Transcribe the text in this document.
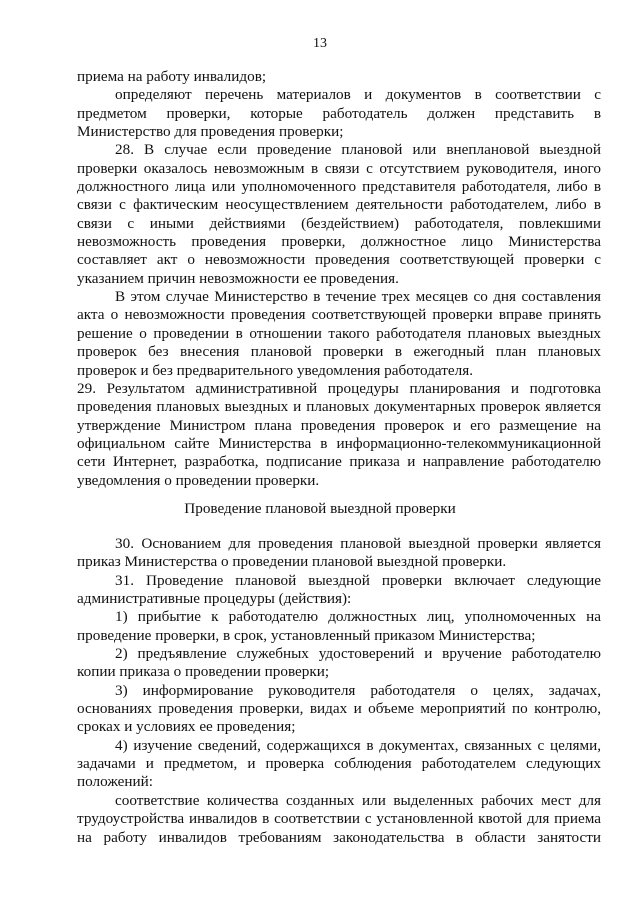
13

приема на работу инвалидов;

определяют перечень материалов и документов в соответствии с предметом проверки, которые работодатель должен представить в Министерство для проведения проверки;

28. В случае если проведение плановой или внеплановой выездной проверки оказалось невозможным в связи с отсутствием руководителя, иного должностного лица или уполномоченного представителя работодателя, либо в связи с фактическим неосуществлением деятельности работодателем, либо в связи с иными действиями (бездействием) работодателя, повлекшими невозможность проведения проверки, должностное лицо Министерства составляет акт о невозможности проведения соответствующей проверки с указанием причин невозможности ее проведения.

В этом случае Министерство в течение трех месяцев со дня составления акта о невозможности проведения соответствующей проверки вправе принять решение о проведении в отношении такого работодателя плановых выездных проверок без внесения плановой проверки в ежегодный план плановых проверок и без предварительного уведомления работодателя.

29. Результатом административной процедуры планирования и подготовка проведения плановых выездных и плановых документарных проверок является утверждение Министром плана проведения проверок и его размещение на официальном сайте Министерства в информационно-телекоммуникационной сети Интернет, разработка, подписание приказа и направление работодателю уведомления о проведении проверки.

Проведение плановой выездной проверки

30. Основанием для проведения плановой выездной проверки является приказ Министерства о проведении плановой выездной проверки.

31. Проведение плановой выездной проверки включает следующие административные процедуры (действия):

1) прибытие к работодателю должностных лиц, уполномоченных на проведение проверки, в срок, установленный приказом Министерства;

2) предъявление служебных удостоверений и вручение работодателю копии приказа о проведении проверки;

3) информирование руководителя работодателя о целях, задачах, основаниях проведения проверки, видах и объеме мероприятий по контролю, сроках и условиях ее проведения;

4) изучение сведений, содержащихся в документах, связанных с целями, задачами и предметом, и проверка соблюдения работодателем следующих положений:

соответствие количества созданных или выделенных рабочих мест для трудоустройства инвалидов в соответствии с установленной квотой для приема на работу инвалидов требованиям законодательства в области занятости
